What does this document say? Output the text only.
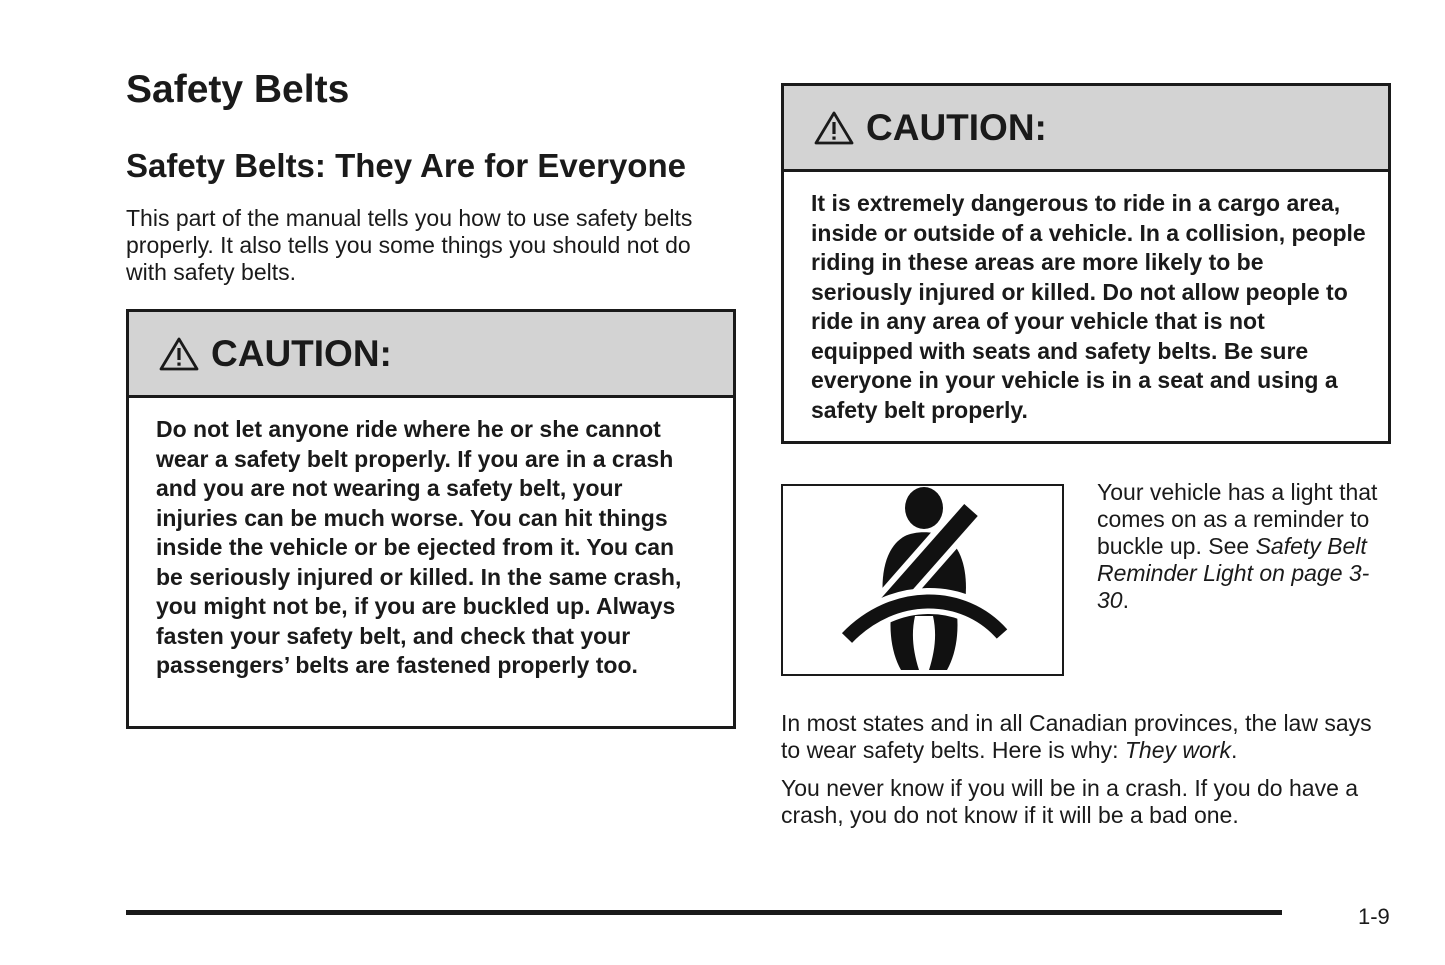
Safety Belts
Safety Belts: They Are for Everyone

This part of the manual tells you how to use safety belts properly. It also tells you some things you should not do with safety belts.

CAUTION:
Do not let anyone ride where he or she cannot wear a safety belt properly. If you are in a crash and you are not wearing a safety belt, your injuries can be much worse. You can hit things inside the vehicle or be ejected from it. You can be seriously injured or killed. In the same crash, you might not be, if you are buckled up. Always fasten your safety belt, and check that your passengers’ belts are fastened properly too.
CAUTION:
It is extremely dangerous to ride in a cargo area, inside or outside of a vehicle. In a collision, people riding in these areas are more likely to be seriously injured or killed. Do not allow people to ride in any area of your vehicle that is not equipped with seats and safety belts. Be sure everyone in your vehicle is in a seat and using a safety belt properly.

Your vehicle has a light that comes on as a reminder to buckle up. See Safety Belt Reminder Light on page 3-30.

In most states and in all Canadian provinces, the law says to wear safety belts. Here is why: They work.

You never know if you will be in a crash. If you do have a crash, you do not know if it will be a bad one.

1-9
